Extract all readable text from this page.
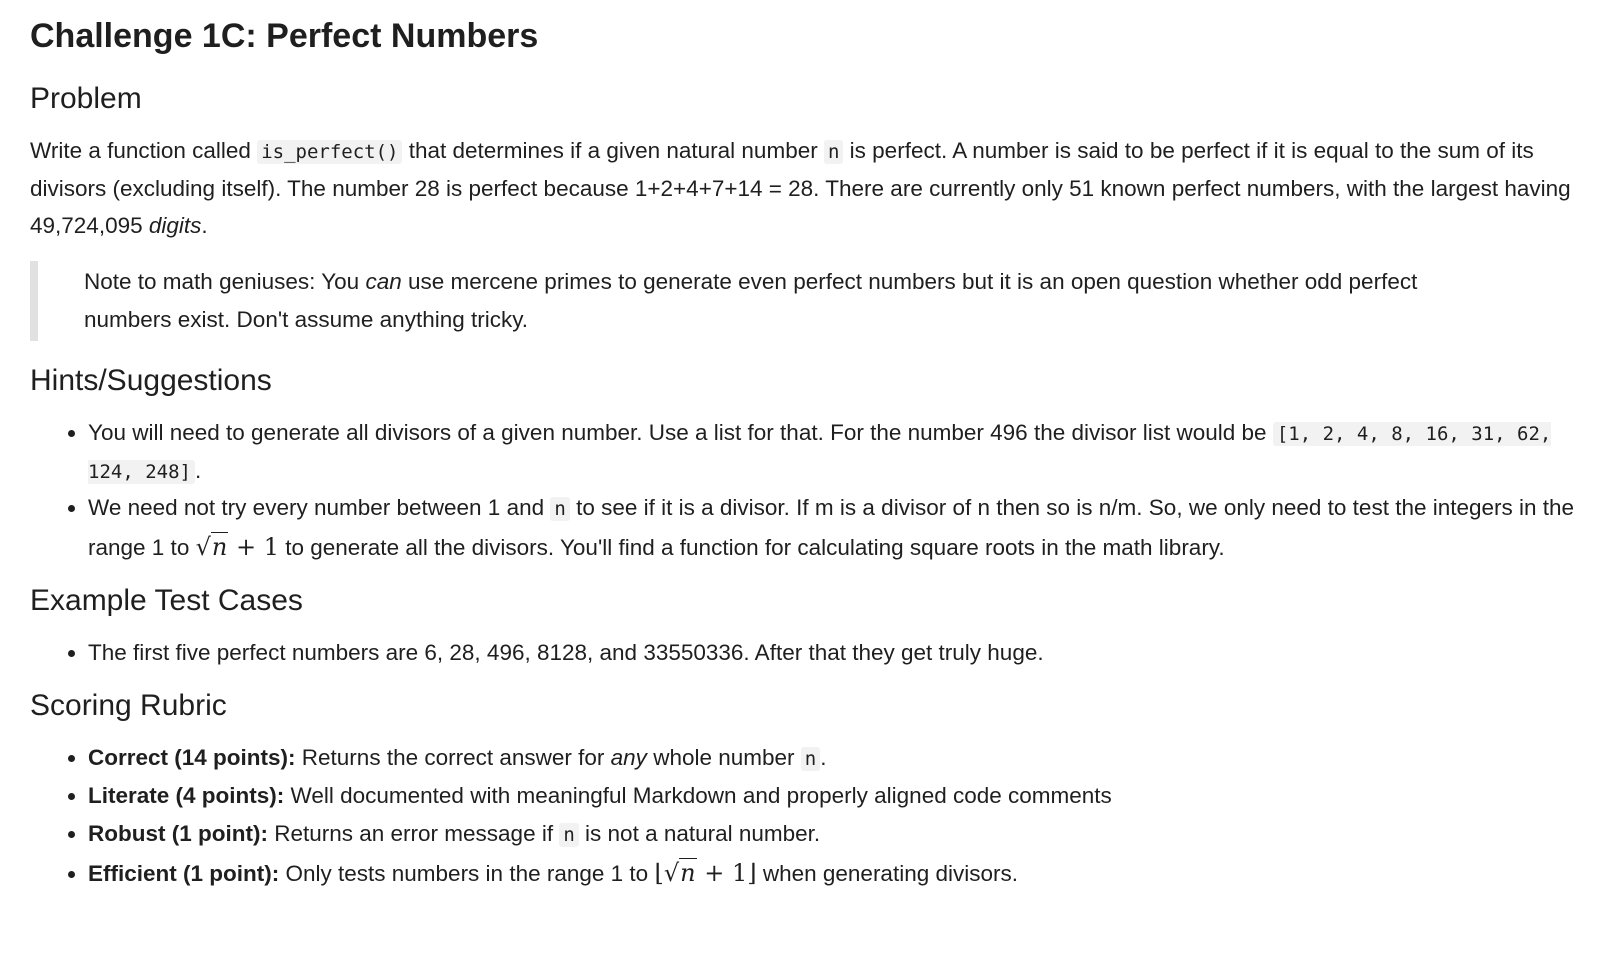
Challenge 1C: Perfect Numbers
Problem

Write a function called is_perfect() that determines if a given natural number n is perfect. A number is said to be perfect if it is equal to the sum of its divisors (excluding itself). The number 28 is perfect because 1+2+4+7+14 = 28. There are currently only 51 known perfect numbers, with the largest having 49,724,095 digits.

Note to math geniuses: You can use mercene primes to generate even perfect numbers but it is an open question whether odd perfect numbers exist. Don't assume anything tricky.
Hints/Suggestions
• You will need to generate all divisors of a given number. Use a list for that. For the number 496 the divisor list would be [1, 2, 4, 8, 16, 31, 62, 124, 248] .
• We need not try every number between 1 and n to see if it is a divisor. If m is a divisor of n then so is n/m. So, we only need to test the integers in the range 1 to √n + 1 to generate all the divisors. You'll find a function for calculating square roots in the math library.
Example Test Cases
• The first five perfect numbers are 6, 28, 496, 8128, and 33550336. After that they get truly huge.
Scoring Rubric
• Correct (14 points): Returns the correct answer for any whole number n .
• Literate (4 points): Well documented with meaningful Markdown and properly aligned code comments
• Robust (1 point): Returns an error message if n is not a natural number.
• Efficient (1 point): Only tests numbers in the range 1 to ⌊√n + 1⌋ when generating divisors.
